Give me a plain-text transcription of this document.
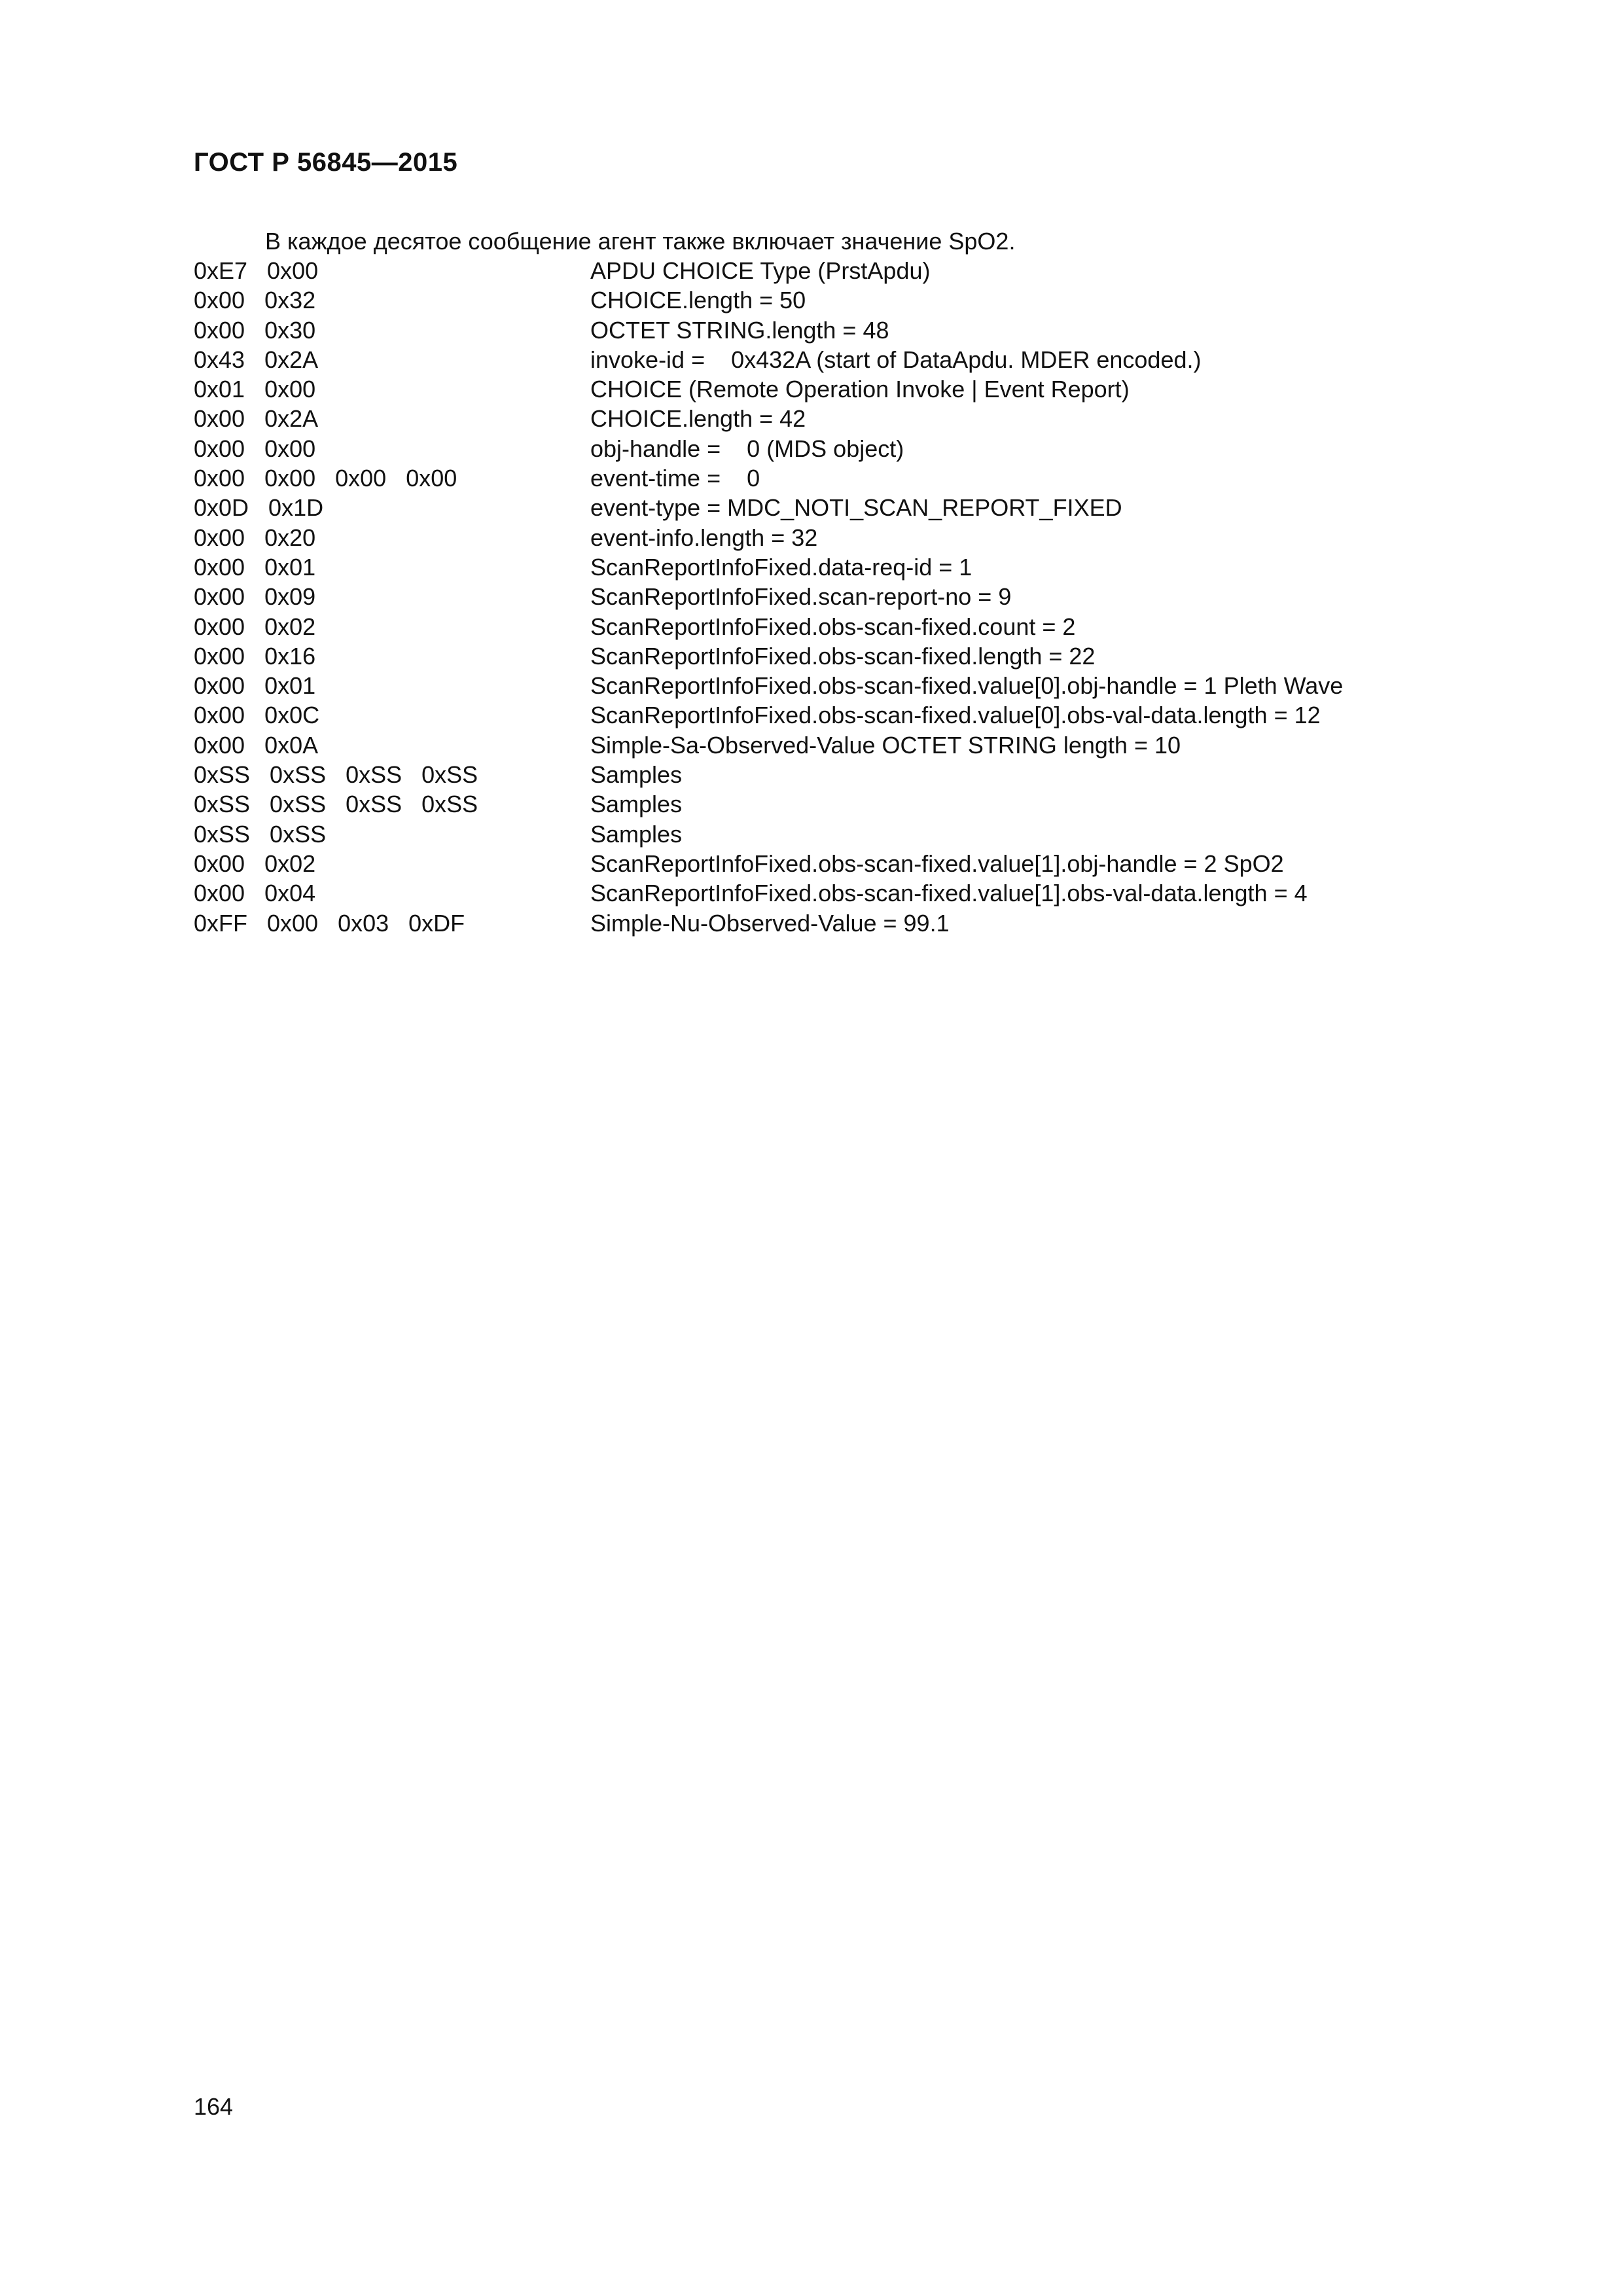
ГОСТ Р 56845—2015
В каждое десятое сообщение агент также включает значение SpO2.
0xE7   0x00	APDU CHOICE Type (PrstApdu)
0x00   0x32	CHOICE.length = 50
0x00   0x30	OCTET STRING.length = 48
0x43   0x2A	invoke-id =    0x432A (start of DataApdu. MDER encoded.)
0x01   0x00	CHOICE (Remote Operation Invoke | Event Report)
0x00   0x2A	CHOICE.length = 42
0x00   0x00	obj-handle =    0 (MDS object)
0x00   0x00   0x00   0x00	event-time =    0
0x0D   0x1D	event-type = MDC_NOTI_SCAN_REPORT_FIXED
0x00   0x20	event-info.length = 32
0x00   0x01	ScanReportInfoFixed.data-req-id = 1
0x00   0x09	ScanReportInfoFixed.scan-report-no = 9
0x00   0x02	ScanReportInfoFixed.obs-scan-fixed.count = 2
0x00   0x16	ScanReportInfoFixed.obs-scan-fixed.length = 22
0x00   0x01	ScanReportInfoFixed.obs-scan-fixed.value[0].obj-handle = 1 Pleth Wave
0x00   0x0C	ScanReportInfoFixed.obs-scan-fixed.value[0].obs-val-data.length = 12
0x00   0x0A	Simple-Sa-Observed-Value OCTET STRING length = 10
0xSS   0xSS   0xSS   0xSS	Samples
0xSS   0xSS   0xSS   0xSS	Samples
0xSS   0xSS	Samples
0x00   0x02	ScanReportInfoFixed.obs-scan-fixed.value[1].obj-handle = 2 SpO2
0x00   0x04	ScanReportInfoFixed.obs-scan-fixed.value[1].obs-val-data.length = 4
0xFF   0x00   0x03   0xDF	Simple-Nu-Observed-Value = 99.1
164
